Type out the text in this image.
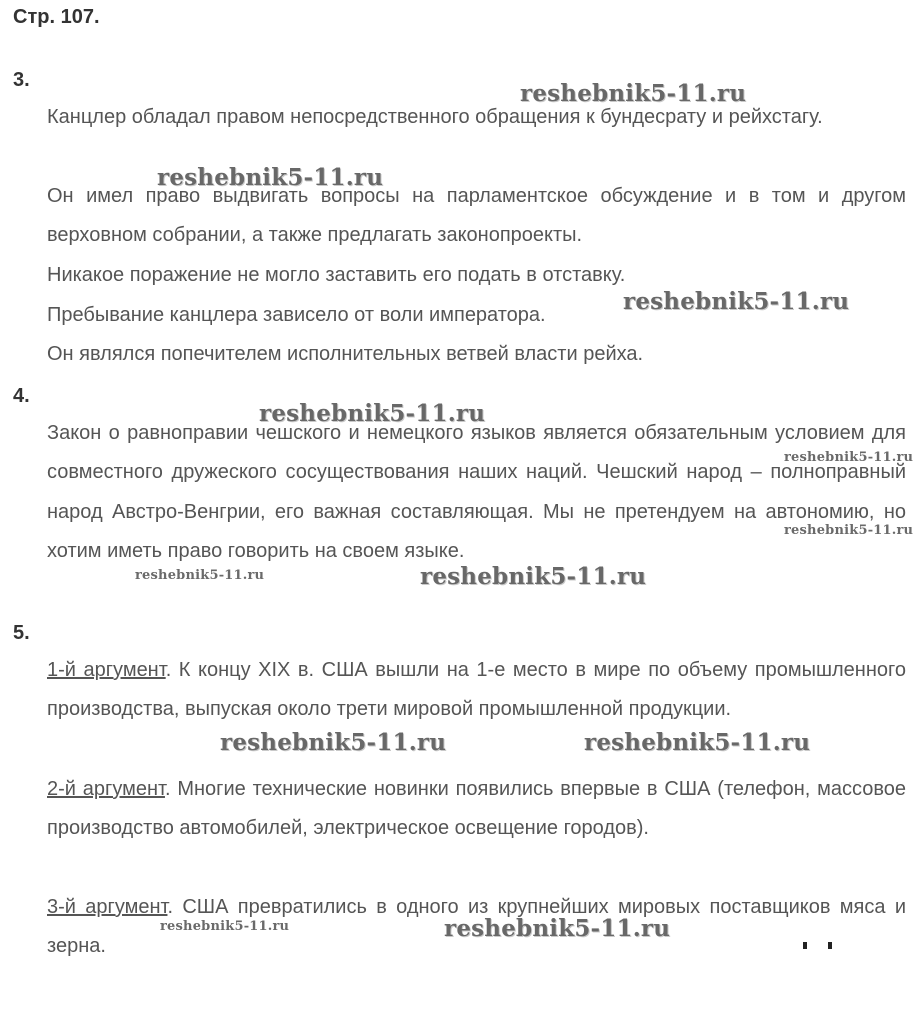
Стр. 107.
3.

Канцлер обладал правом непосредственного обращения к бундесрату и рейхстагу.

Он имел право выдвигать вопросы на парламентское обсуждение и в том и другом верховном собрании, а также предлагать законопроекты.

Никакое поражение не могло заставить его подать в отставку.

Пребывание канцлера зависело от воли императора.

Он являлся попечителем исполнительных ветвей власти рейха.

4.

Закон о равноправии чешского и немецкого языков является обязательным условием для совместного дружеского сосуществования наших наций. Чешский народ – полноправный народ Австро-Венгрии, его важная составляющая. Мы не претендуем на автономию, но хотим иметь право говорить на своем языке.

5.

1-й аргумент. К концу XIX в. США вышли на 1-е место в мире по объему промышленного производства, выпуская около трети мировой промышленной продукции.

2-й аргумент. Многие технические новинки появились впервые в США (телефон, массовое производство автомобилей, электрическое освещение городов).

3-й аргумент. США превратились в одного из крупнейших мировых поставщиков мяса и зерна.

reshebnik5-11.ru
reshebnik5-11.ru
reshebnik5-11.ru
reshebnik5-11.ru
reshebnik5-11.ru
reshebnik5-11.ru
reshebnik5-11.ru	reshebnik5-11.ru
reshebnik5-11.ru	reshebnik5-11.ru
reshebnik5-11.ru	reshebnik5-11.ru
